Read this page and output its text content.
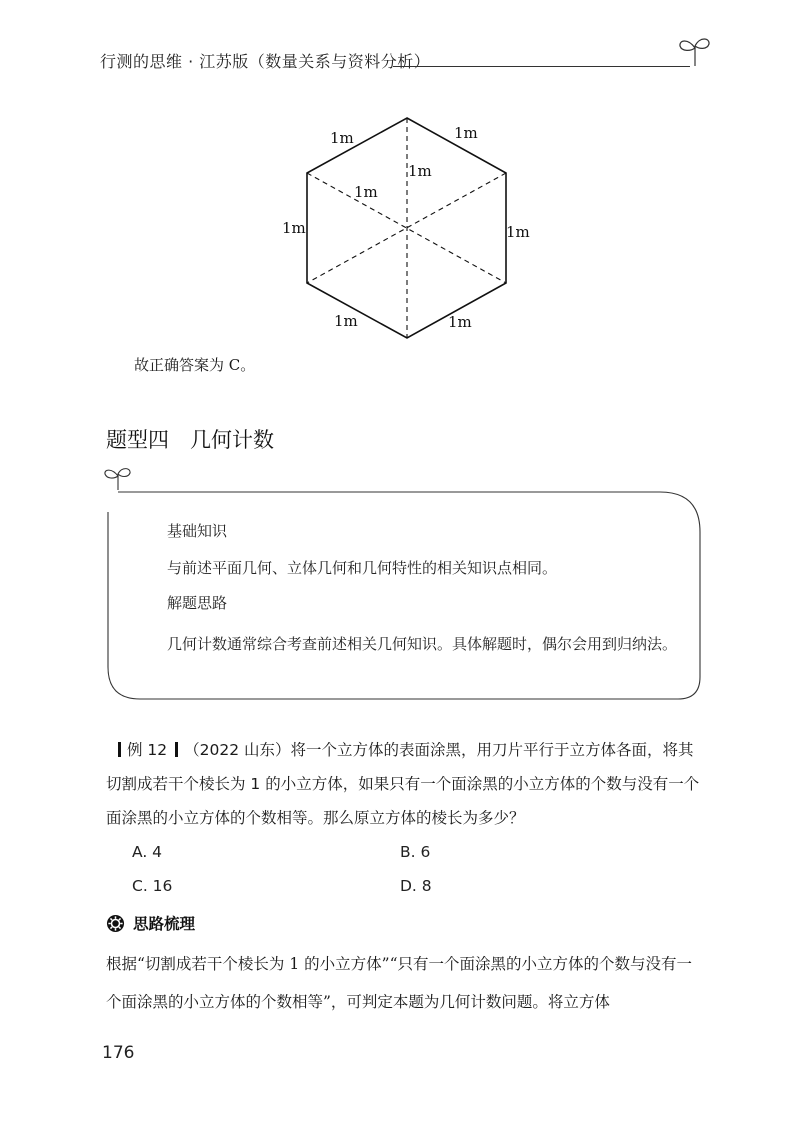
行测的思维 · 江苏版（数量关系与资料分析）
1m	1m
1m	1m
1m	1m
1m
1m
故正确答案为 C。
题型四　几何计数
基础知识
与前述平面几何、立体几何和几何特性的相关知识点相同。
解题思路
几何计数通常综合考查前述相关几何知识。具体解题时，偶尔会用到归纳法。
例 12 （2022 山东）将一个立方体的表面涂黑，用刀片平行于立方体各面，将其切割成若干个棱长为 1 的小立方体，如果只有一个面涂黑的小立方体的个数与没有一个面涂黑的小立方体的个数相等。那么原立方体的棱长为多少？
A. 4	B. 6
C. 16	D. 8
思路梳理
根据“切割成若干个棱长为 1 的小立方体”“只有一个面涂黑的小立方体的个数与没有一个面涂黑的小立方体的个数相等”，可判定本题为几何计数问题。将立方体
176
